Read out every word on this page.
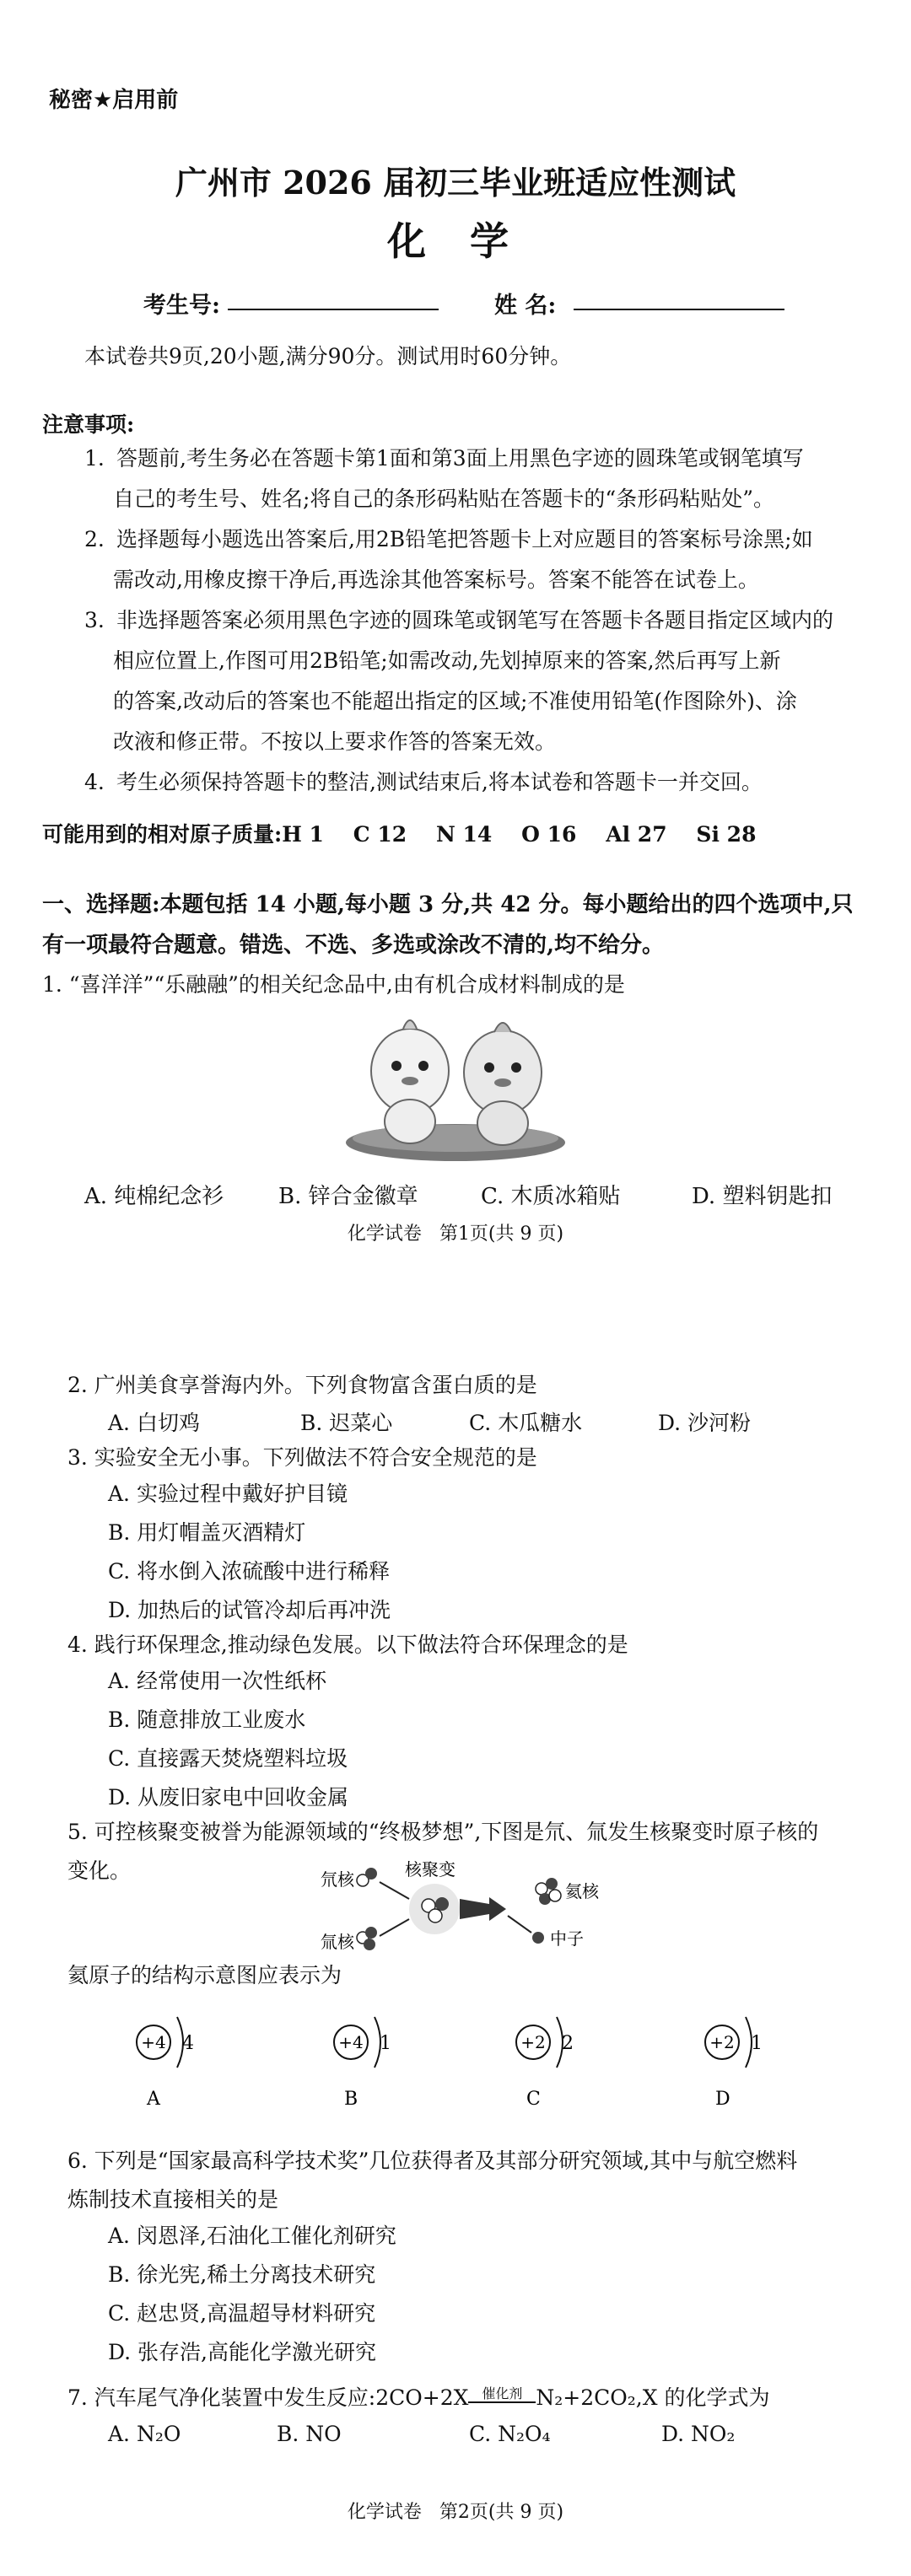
秘密★启用前
广州市 2026 届初三毕业班适应性测试
化 学
考生号:	姓 名:
本试卷共9页,20小题,满分90分。测试用时60分钟。
注意事项:
1. 答题前,考生务必在答题卡第1面和第3面上用黑色字迹的圆珠笔或钢笔填写
自己的考生号、姓名;将自己的条形码粘贴在答题卡的“条形码粘贴处”。
2. 选择题每小题选出答案后,用2B铅笔把答题卡上对应题目的答案标号涂黑;如
需改动,用橡皮擦干净后,再选涂其他答案标号。答案不能答在试卷上。
3. 非选择题答案必须用黑色字迹的圆珠笔或钢笔写在答题卡各题目指定区域内的
相应位置上,作图可用2B铅笔;如需改动,先划掉原来的答案,然后再写上新
的答案,改动后的答案也不能超出指定的区域;不准使用铅笔(作图除外)、涂
改液和修正带。不按以上要求作答的答案无效。
4. 考生必须保持答题卡的整洁,测试结束后,将本试卷和答题卡一并交回。
可能用到的相对原子质量:H 1    C 12    N 14    O 16    Al 27    Si 28
一、选择题:本题包括 14 小题,每小题 3 分,共 42 分。每小题给出的四个选项中,只
有一项最符合题意。错选、不选、多选或涂改不清的,均不给分。
1. “喜洋洋”“乐融融”的相关纪念品中,由有机合成材料制成的是
A. 纯棉纪念衫 B. 锌合金徽章	C. 木质冰箱贴	D. 塑料钥匙扣
化学试卷   第1页(共 9 页)
2. 广州美食享誉海内外。下列食物富含蛋白质的是
A. 白切鸡	B. 迟菜心	C. 木瓜糖水	D. 沙河粉
3. 实验安全无小事。下列做法不符合安全规范的是
A. 实验过程中戴好护目镜
B. 用灯帽盖灭酒精灯
C. 将水倒入浓硫酸中进行稀释
D. 加热后的试管冷却后再冲洗
4. 践行环保理念,推动绿色发展。以下做法符合环保理念的是
A. 经常使用一次性纸杯
B. 随意排放工业废水
C. 直接露天焚烧塑料垃圾
D. 从废旧家电中回收金属
5. 可控核聚变被誉为能源领域的“终极梦想”,下图是氘、氚发生核聚变时原子核的
变化。	氘核
氚核
核聚变
氦核
中子
氦原子的结构示意图应表示为
+4 4
A
+4 1
B
+2 2
C
+2 1
D
6. 下列是“国家最高科学技术奖”几位获得者及其部分研究领域,其中与航空燃料
炼制技术直接相关的是
A. 闵恩泽,石油化工催化剂研究
B. 徐光宪,稀土分离技术研究
C. 赵忠贤,高温超导材料研究
D. 张存浩,高能化学激光研究
7. 汽车尾气净化装置中发生反应:2CO+2X 催化剂 N₂+2CO₂,X 的化学式为
A. N₂O	B. NO	C. N₂O₄	D. NO₂
化学试卷   第2页(共 9 页)
